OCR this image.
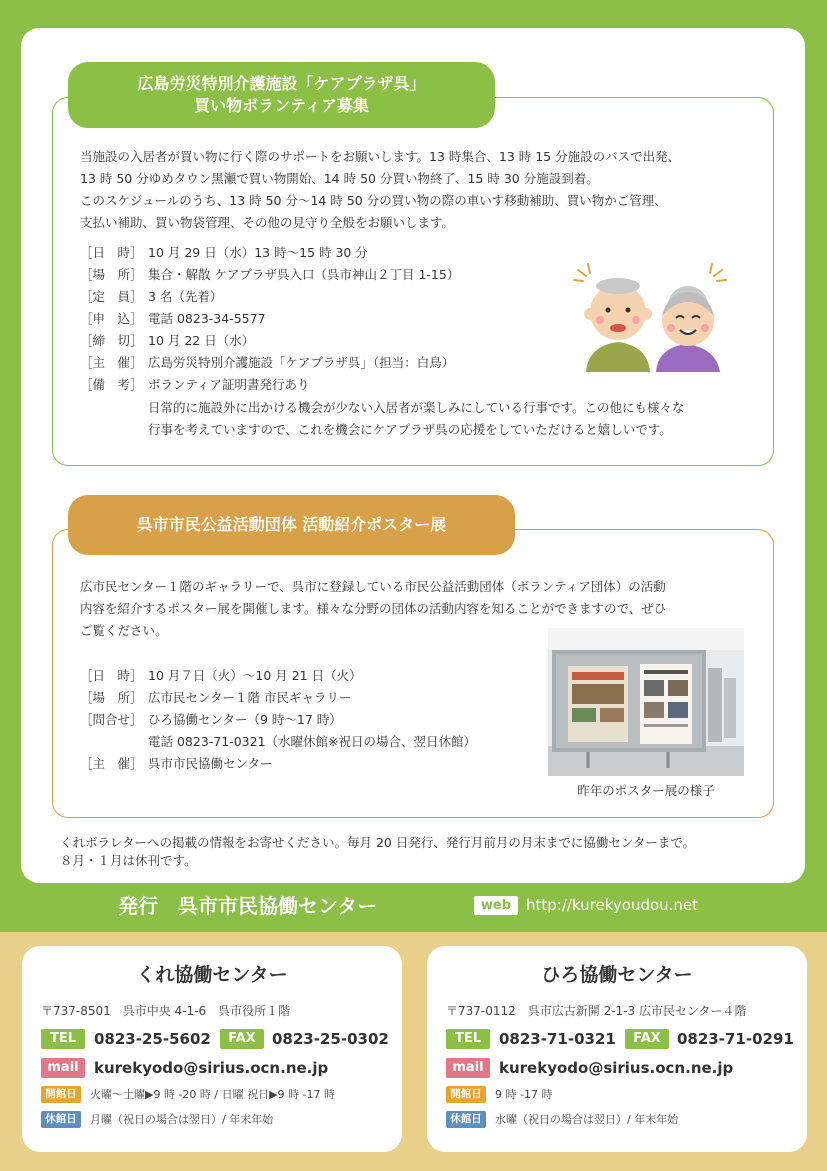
広島労災特別介護施設「ケアプラザ呉」
買い物ボランティア募集
当施設の入居者が買い物に行く際のサポートをお願いします。13 時集合、13 時 15 分施設のバスで出発、
13 時 50 分ゆめタウン黒瀬で買い物開始、14 時 50 分買い物終了、15 時 30 分施設到着。
このスケジュールのうち、13 時 50 分～14 時 50 分の買い物の際の車いす移動補助、買い物かご管理、
支払い補助、買い物袋管理、その他の見守り全般をお願いします。
［日　時］ 10 月 29 日（水）13 時～15 時 30 分
［場　所］ 集合・解散 ケアプラザ呉入口（呉市神山２丁目 1-15）
［定　員］ 3 名（先着）
［申　込］ 電話 0823-34-5577
［締　切］ 10 月 22 日（水）
［主　催］ 広島労災特別介護施設「ケアプラザ呉」（担当：白鳥）
［備　考］ ボランティア証明書発行あり
日常的に施設外に出かける機会が少ない入居者が楽しみにしている行事です。この他にも様々な
行事を考えていますので、これを機会にケアプラザ呉の応援をしていただけると嬉しいです。
呉市市民公益活動団体 活動紹介ポスター展
広市民センター１階のギャラリーで、呉市に登録している市民公益活動団体（ボランティア団体）の活動
内容を紹介するポスター展を開催します。様々な分野の団体の活動内容を知ることができますので、ぜひ
ご覧ください。
［日　時］ 10 月７日（火）～10 月 21 日（火）
［場　所］ 広市民センター１階 市民ギャラリー
［問合せ］ ひろ協働センター（9 時～17 時）
電話 0823-71-0321（水曜休館※祝日の場合、翌日休館）
［主　催］ 呉市市民協働センター
昨年のポスター展の様子
くれボラレターへの掲載の情報をお寄せください。毎月 20 日発行、発行月前月の月末までに協働センターまで。
８月・１月は休刊です。
発行　呉市市民協働センター	web http://kurekyoudou.net
くれ協働センター
〒737-8501　呉市中央 4-1-6　呉市役所１階
TEL	0823-25-5602	FAX	0823-25-0302
mail	kurekyodo@sirius.ocn.ne.jp
開館日	火曜～土曜▶9 時 -20 時 / 日曜 祝日▶9 時 -17 時
休館日	月曜（祝日の場合は翌日）/ 年末年始
ひろ協働センター
〒737-0112　呉市広古新開 2-1-3 広市民センター４階
TEL	0823-71-0321	FAX	0823-71-0291
mail	kurekyodo@sirius.ocn.ne.jp
開館日	9 時 -17 時
休館日	水曜（祝日の場合は翌日）/ 年末年始
